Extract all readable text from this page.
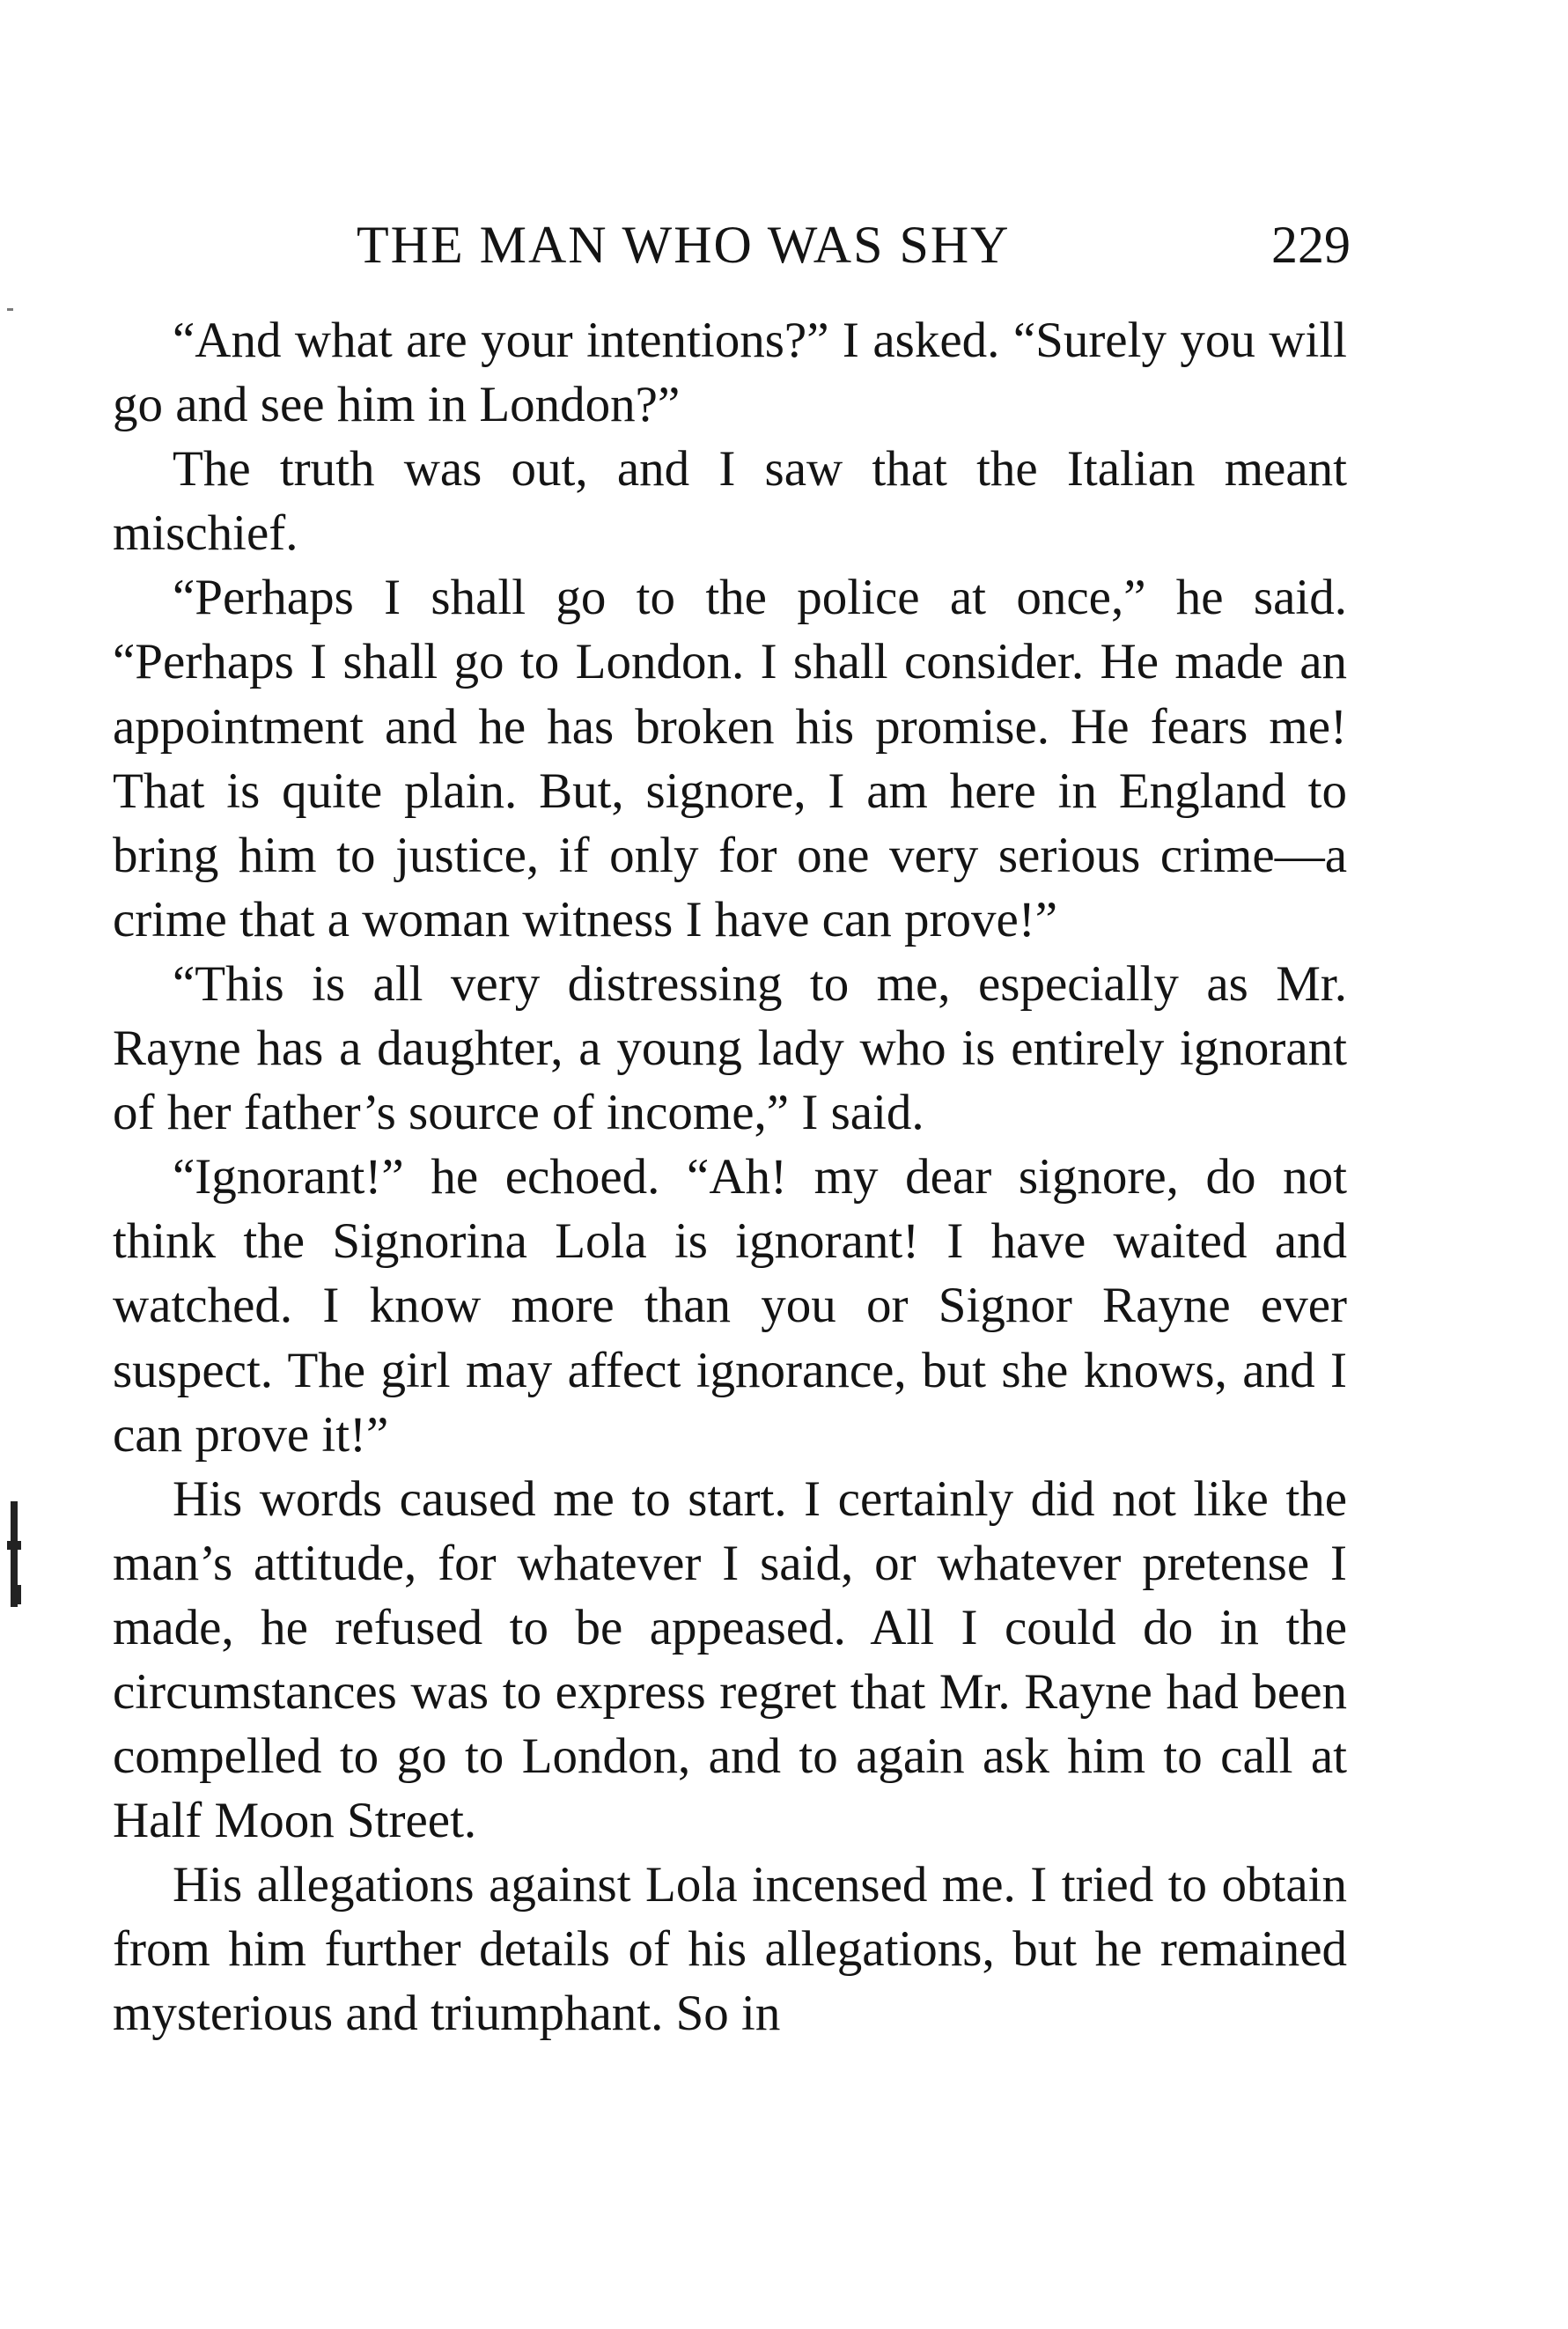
THE MAN WHO WAS SHY	229

“And what are your intentions?” I asked. “Surely you will go and see him in London?”

The truth was out, and I saw that the Italian meant mischief.

“Perhaps I shall go to the police at once,” he said. “Perhaps I shall go to London. I shall consider. He made an appointment and he has broken his promise. He fears me! That is quite plain. But, signore, I am here in England to bring him to justice, if only for one very serious crime—a crime that a woman witness I have can prove!”

“This is all very distressing to me, especially as Mr. Rayne has a daughter, a young lady who is entirely ignorant of her father’s source of income,” I said.

“Ignorant!” he echoed. “Ah! my dear signore, do not think the Signorina Lola is ignorant! I have waited and watched. I know more than you or Signor Rayne ever suspect. The girl may affect ignorance, but she knows, and I can prove it!”

His words caused me to start. I certainly did not like the man’s attitude, for whatever I said, or whatever pretense I made, he refused to be appeased. All I could do in the circumstances was to express regret that Mr. Rayne had been compelled to go to London, and to again ask him to call at Half Moon Street.

His allegations against Lola incensed me. I tried to obtain from him further details of his allegations, but he remained mysterious and triumphant. So in
